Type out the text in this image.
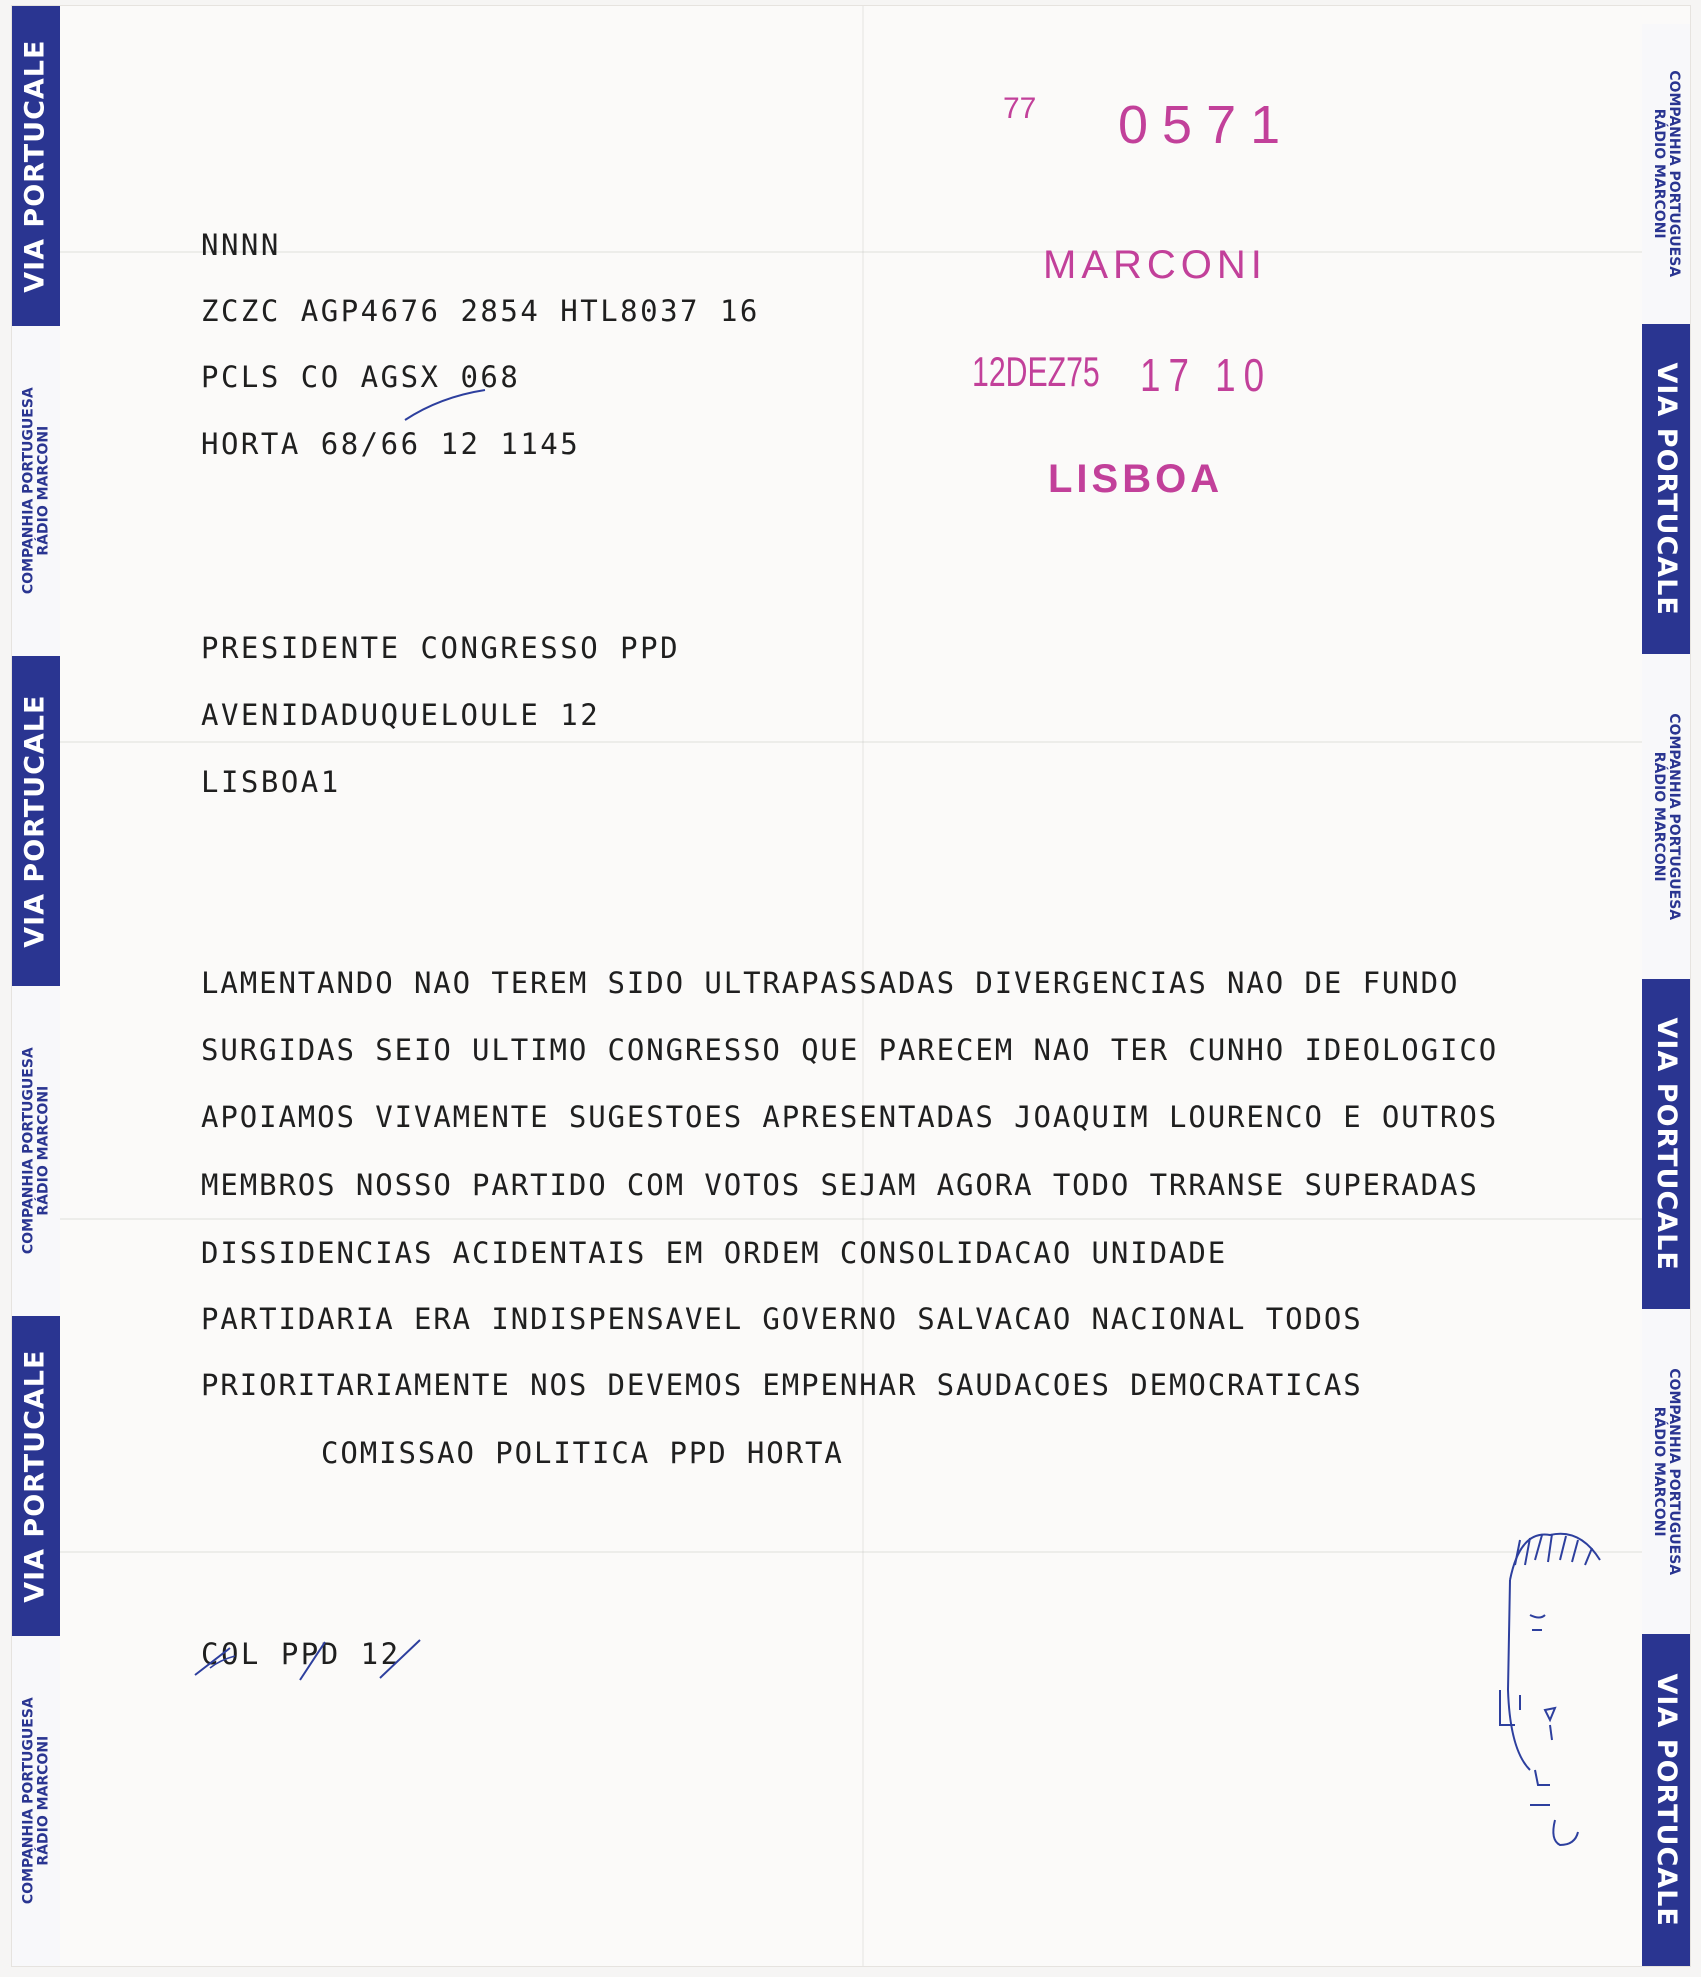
VIA PORTUCALE
COMPANHIA PORTUGUESA
RÁDIO MARCONI
VIA PORTUCALE
COMPANHIA PORTUGUESA
RÁDIO MARCONI
VIA PORTUCALE
COMPANHIA PORTUGUESA
RÁDIO MARCONI
COMPANHIA PORTUGUESA
RÁDIO MARCONI
VIA PORTUCALE
COMPANHIA PORTUGUESA
RÁDIO MARCONI
VIA PORTUCALE
COMPANHIA PORTUGUESA
RÁDIO MARCONI
VIA PORTUCALE
77 0571
MARCONI
12DEZ75 17 10
LISBOA
NNNN
ZCZC AGP4676 2854 HTL8037 16
PCLS CO AGSX 068
HORTA 68/66 12 1145
PRESIDENTE CONGRESSO PPD
AVENIDADUQUELOULE 12
LISBOA1
LAMENTANDO NAO TEREM SIDO ULTRAPASSADAS DIVERGENCIAS NAO DE FUNDO
SURGIDAS SEIO ULTIMO CONGRESSO QUE PARECEM NAO TER CUNHO IDEOLOGICO
APOIAMOS VIVAMENTE SUGESTOES APRESENTADAS JOAQUIM LOURENCO E OUTROS
MEMBROS NOSSO PARTIDO COM VOTOS SEJAM AGORA TODO TRRANSE SUPERADAS
DISSIDENCIAS ACIDENTAIS EM ORDEM CONSOLIDACAO UNIDADE
PARTIDARIA ERA INDISPENSAVEL GOVERNO SALVACAO NACIONAL TODOS
PRIORITARIAMENTE NOS DEVEMOS EMPENHAR SAUDACOES DEMOCRATICAS
COMISSAO POLITICA PPD HORTA
COL PPD 12
